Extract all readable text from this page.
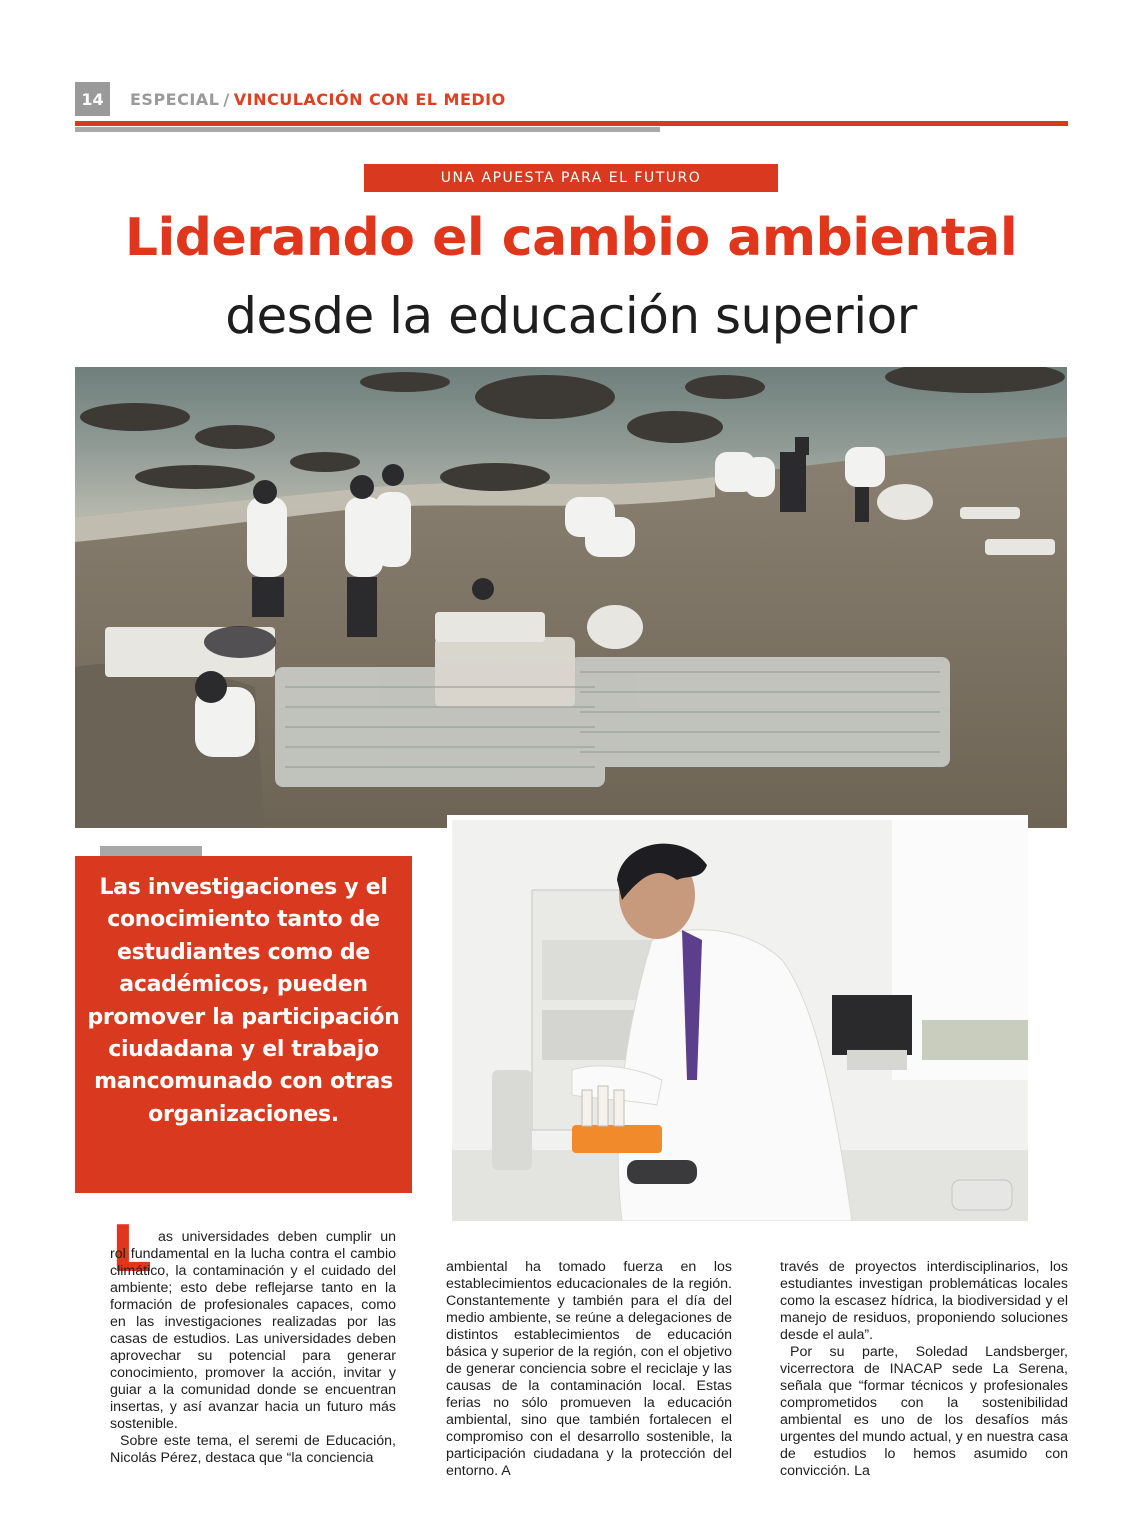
14	ESPECIAL / VINCULACIÓN CON EL MEDIO
UNA APUESTA PARA EL FUTURO
Liderando el cambio ambiental
desde la educación superior

Las investigaciones y el conocimiento tanto de estudiantes como de académicos, pueden promover la participación ciudadana y el trabajo mancomunado con otras organizaciones.

L as universidades deben cumplir un rol fundamental en la lucha contra el cambio climático, la contaminación y el cuidado del ambiente; esto debe reflejarse tanto en la formación de profesionales capaces, como en las investigaciones realizadas por las casas de estudios. Las universidades deben aprovechar su potencial para generar conocimiento, promover la acción, invitar y guiar a la comunidad donde se encuentran insertas, y así avanzar hacia un futuro más sostenible.

Sobre este tema, el seremi de Educación, Nicolás Pérez, destaca que “la conciencia

ambiental ha tomado fuerza en los establecimientos educacionales de la región. Constantemente y también para el día del medio ambiente, se reúne a delegaciones de distintos establecimientos de educación básica y superior de la región, con el objetivo de generar conciencia sobre el reciclaje y las causas de la contaminación local. Estas ferias no sólo promueven la educación ambiental, sino que también fortalecen el compromiso con el desarrollo sostenible, la participación ciudadana y la protección del entorno. A

través de proyectos interdisciplinarios, los estudiantes investigan problemáticas locales como la escasez hídrica, la biodiversidad y el manejo de residuos, proponiendo soluciones desde el aula”.

Por su parte, Soledad Landsberger, vicerrectora de INACAP sede La Serena, señala que “formar técnicos y profesionales comprometidos con la sostenibilidad ambiental es uno de los desafíos más urgentes del mundo actual, y en nuestra casa de estudios lo hemos asumido con convicción. La
